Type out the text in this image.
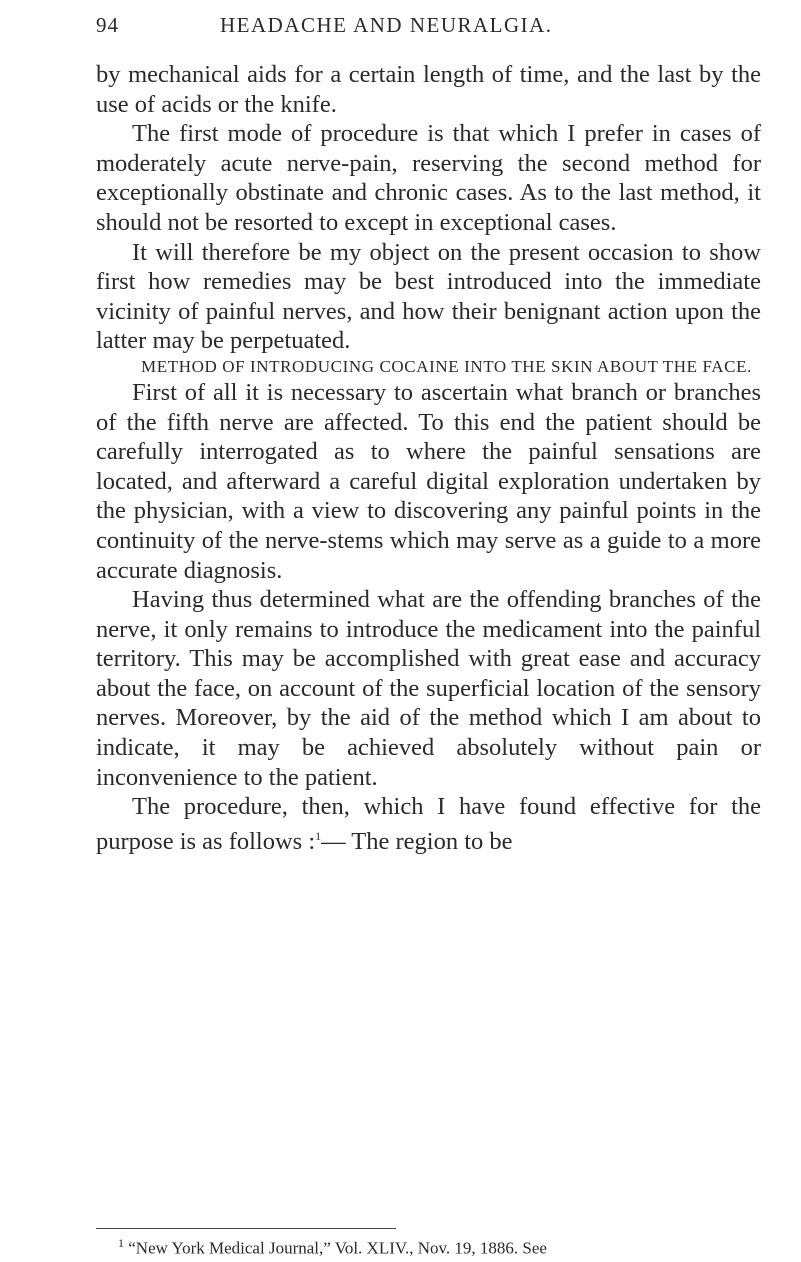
94	HEADACHE AND NEURALGIA.

by mechanical aids for a certain length of time, and the last by the use of acids or the knife.

The first mode of procedure is that which I prefer in cases of moderately acute nerve-pain, reserving the second method for exceptionally obstinate and chronic cases. As to the last method, it should not be resorted to except in exceptional cases.

It will therefore be my object on the present occasion to show first how remedies may be best introduced into the immediate vicinity of painful nerves, and how their benignant action upon the latter may be perpetuated.

METHOD OF INTRODUCING COCAINE INTO THE SKIN ABOUT THE FACE.

First of all it is necessary to ascertain what branch or branches of the fifth nerve are affected. To this end the patient should be carefully interrogated as to where the painful sensations are located, and afterward a careful digital exploration undertaken by the physician, with a view to discovering any painful points in the continuity of the nerve-stems which may serve as a guide to a more accurate diagnosis.

Having thus determined what are the offending branches of the nerve, it only remains to introduce the medicament into the painful territory. This may be accomplished with great ease and accuracy about the face, on account of the superficial location of the sensory nerves. Moreover, by the aid of the method which I am about to indicate, it may be achieved absolutely without pain or inconvenience to the patient.

The procedure, then, which I have found effective for the purpose is as follows :$^1$— The region to be

$^1$ “New York Medical Journal,” Vol. XLIV., Nov. 19, 1886. See
